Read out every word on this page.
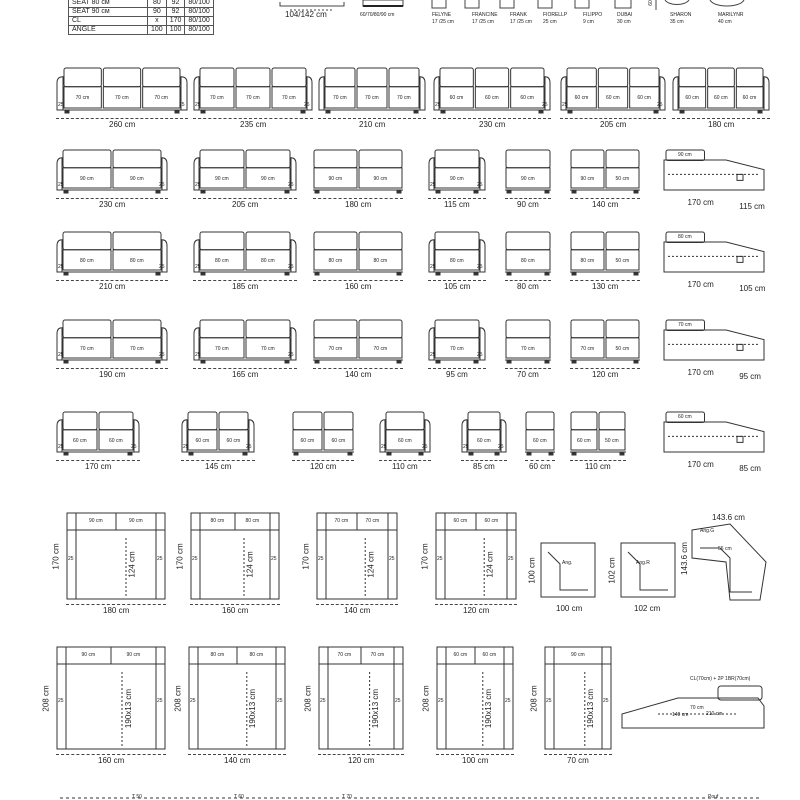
SEAT 80 см	80	92	80/100
SEAT 90 см	90	92	80/100
CL	x	170	80/100
ANGLE	100	100	80/100
104/142 cm	60/70/80/90 cm
60
FELYNE
17 /25 cm
FRANCINE
17 /25 cm
FRANK
17 /25 cm
FIORELLP
25 cm
FILIPPO
9 cm
DUBAI
30 cm
SHARON
35 cm
MARILYNR
40 cm
70 cm	70 cm	70 cm
25	25
260 cm
70 cm	70 cm	70 cm
25	25
235 cm
70 cm	70 cm	70 cm
210 cm
60 cm	60 cm	60 cm
25	25
230 cm
60 cm	60 cm	60 cm
25	25
205 cm
60 cm	60 cm	60 cm
180 cm
90 cm	90 cm
25	25
230 cm
90 cm	90 cm
25	25
205 cm
90 cm	90 cm
180 cm
90 cm
25	25
115 cm
90 cm
90 cm
90 cm	50 cm
140 cm
90 cm
170 cm	115 cm
80 cm	80 cm
25	25
210 cm
80 cm	80 cm
25	25
185 cm
80 cm	80 cm
160 cm
80 cm
25	25
105 cm
80 cm
80 cm
80 cm	50 cm
130 cm
80 cm
170 cm	105 cm
70 cm	70 cm
25	25
190 cm
70 cm	70 cm
25	25
165 cm
70 cm	70 cm
140 cm
70 cm
25	25
95 cm
70 cm
70 cm
70 cm	50 cm
120 cm
70 cm
170 cm	95 cm
60 cm	60 cm
25	25
170 cm
60 cm	60 cm
25	25
145 cm
60 cm	60 cm
120 cm
60 cm
25	25
110 cm
60 cm
25	25
85 cm
60 cm
60 cm
60 cm	50 cm
110 cm
60 cm
170 cm	85 cm
90 cm	90 cm
25	25
124 cm
170 cm
180 cm
80 cm	80 cm
25	25
124 cm
170 cm
160 cm
70 cm	70 cm
25	25
124 cm
170 cm
140 cm
60 cm	60 cm
25	25
124 cm
170 cm
120 cm
Ang.
100 cm
100 cm
Ang.R
102 cm
102 cm
Ang.G
143.6 cm
143.6 cm	56 cm
90 cm	90 cm
25	25
190x13 cm
208 cm
160 cm
80 cm	80 cm
25	25
190x13 cm
208 cm
140 cm
70 cm	70 cm
25	25
190x13 cm
208 cm
120 cm
60 cm	60 cm
25	25
190x13 cm
208 cm
100 cm
90 cm
25	25
190x13 cm
208 cm
70 cm
CL(70cm) + 2P 1BR(70cm)
70 cm
210 cm
140 cm
T 50	T 60	T 70	Pouf
